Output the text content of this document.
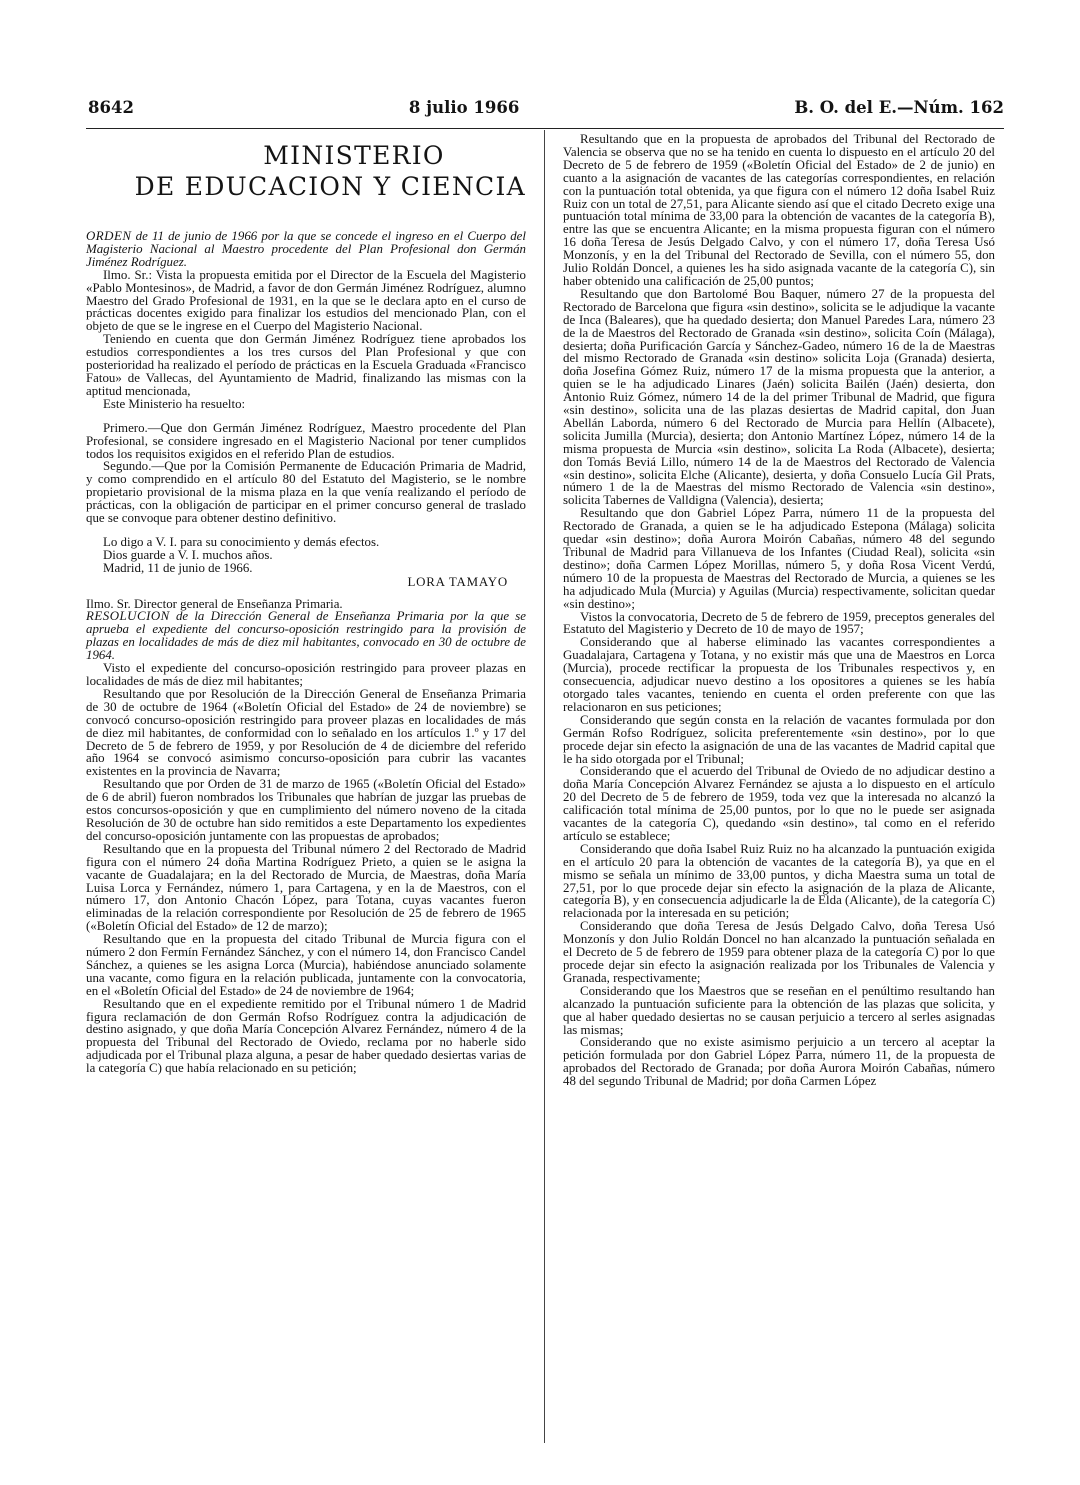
8642	8 julio 1966	B. O. del E.—Núm. 162
MINISTERIO
DE EDUCACION Y CIENCIA

ORDEN de 11 de junio de 1966 por la que se concede el ingreso en el Cuerpo del Magisterio Nacional al Maestro procedente del Plan Profesional don Germán Jiménez Rodríguez.

Ilmo. Sr.: Vista la propuesta emitida por el Director de la Escuela del Magisterio «Pablo Montesinos», de Madrid, a favor de don Germán Jiménez Rodríguez, alumno Maestro del Grado Profesional de 1931, en la que se le declara apto en el curso de prácticas docentes exigido para finalizar los estudios del mencionado Plan, con el objeto de que se le ingrese en el Cuerpo del Magisterio Nacional.

Teniendo en cuenta que don Germán Jiménez Rodríguez tiene aprobados los estudios correspondientes a los tres cursos del Plan Profesional y que con posterioridad ha realizado el período de prácticas en la Escuela Graduada «Francisco Fatou» de Vallecas, del Ayuntamiento de Madrid, finalizando las mismas con la aptitud mencionada,

Este Ministerio ha resuelto:

Primero.—Que don Germán Jiménez Rodríguez, Maestro procedente del Plan Profesional, se considere ingresado en el Magisterio Nacional por tener cumplidos todos los requisitos exigidos en el referido Plan de estudios.

Segundo.—Que por la Comisión Permanente de Educación Primaria de Madrid, y como comprendido en el artículo 80 del Estatuto del Magisterio, se le nombre propietario provisional de la misma plaza en la que venía realizando el período de prácticas, con la obligación de participar en el primer concurso general de traslado que se convoque para obtener destino definitivo.

Lo digo a V. I. para su conocimiento y demás efectos.

Dios guarde a V. I. muchos años.

Madrid, 11 de junio de 1966.

LORA TAMAYO

Ilmo. Sr. Director general de Enseñanza Primaria.

RESOLUCION de la Dirección General de Enseñanza Primaria por la que se aprueba el expediente del concurso-oposición restringido para la provisión de plazas en localidades de más de diez mil habitantes, convocado en 30 de octubre de 1964.

Visto el expediente del concurso-oposición restringido para proveer plazas en localidades de más de diez mil habitantes;

Resultando que por Resolución de la Dirección General de Enseñanza Primaria de 30 de octubre de 1964 («Boletín Oficial del Estado» de 24 de noviembre) se convocó concurso-oposición restringido para proveer plazas en localidades de más de diez mil habitantes, de conformidad con lo señalado en los artículos 1.º y 17 del Decreto de 5 de febrero de 1959, y por Resolución de 4 de diciembre del referido año 1964 se convocó asimismo concurso-oposición para cubrir las vacantes existentes en la provincia de Navarra;

Resultando que por Orden de 31 de marzo de 1965 («Boletín Oficial del Estado» de 6 de abril) fueron nombrados los Tribunales que habrían de juzgar las pruebas de estos concursos-oposición y que en cumplimiento del número noveno de la citada Resolución de 30 de octubre han sido remitidos a este Departamento los expedientes del concurso-oposición juntamente con las propuestas de aprobados;

Resultando que en la propuesta del Tribunal número 2 del Rectorado de Madrid figura con el número 24 doña Martina Rodríguez Prieto, a quien se le asigna la vacante de Guadalajara; en la del Rectorado de Murcia, de Maestras, doña María Luisa Lorca y Fernández, número 1, para Cartagena, y en la de Maestros, con el número 17, don Antonio Chacón López, para Totana, cuyas vacantes fueron eliminadas de la relación correspondiente por Resolución de 25 de febrero de 1965 («Boletín Oficial del Estado» de 12 de marzo);

Resultando que en la propuesta del citado Tribunal de Murcia figura con el número 2 don Fermín Fernández Sánchez, y con el número 14, don Francisco Candel Sánchez, a quienes se les asigna Lorca (Murcia), habiéndose anunciado solamente una vacante, como figura en la relación publicada, juntamente con la convocatoria, en el «Boletín Oficial del Estado» de 24 de noviembre de 1964;

Resultando que en el expediente remitido por el Tribunal número 1 de Madrid figura reclamación de don Germán Rofso Rodríguez contra la adjudicación de destino asignado, y que doña María Concepción Alvarez Fernández, número 4 de la propuesta del Tribunal del Rectorado de Oviedo, reclama por no haberle sido adjudicada por el Tribunal plaza alguna, a pesar de haber quedado desiertas varias de la categoría C) que había relacionado en su petición;

Resultando que en la propuesta de aprobados del Tribunal del Rectorado de Valencia se observa que no se ha tenido en cuenta lo dispuesto en el artículo 20 del Decreto de 5 de febrero de 1959 («Boletín Oficial del Estado» de 2 de junio) en cuanto a la asignación de vacantes de las categorías correspondientes, en relación con la puntuación total obtenida, ya que figura con el número 12 doña Isabel Ruiz Ruiz con un total de 27,51, para Alicante siendo así que el citado Decreto exige una puntuación total mínima de 33,00 para la obtención de vacantes de la categoría B), entre las que se encuentra Alicante; en la misma propuesta figuran con el número 16 doña Teresa de Jesús Delgado Calvo, y con el número 17, doña Teresa Usó Monzonís, y en la del Tribunal del Rectorado de Sevilla, con el número 55, don Julio Roldán Doncel, a quienes les ha sido asignada vacante de la categoría C), sin haber obtenido una calificación de 25,00 puntos;

Resultando que don Bartolomé Bou Baquer, número 27 de la propuesta del Rectorado de Barcelona que figura «sin destino», solicita se le adjudique la vacante de Inca (Baleares), que ha quedado desierta; don Manuel Paredes Lara, número 23 de la de Maestros del Rectorado de Granada «sin destino», solicita Coín (Málaga), desierta; doña Purificación García y Sánchez-Gadeo, número 16 de la de Maestras del mismo Rectorado de Granada «sin destino» solicita Loja (Granada) desierta, doña Josefina Gómez Ruiz, número 17 de la misma propuesta que la anterior, a quien se le ha adjudicado Linares (Jaén) solicita Bailén (Jaén) desierta, don Antonio Ruiz Gómez, número 14 de la del primer Tribunal de Madrid, que figura «sin destino», solicita una de las plazas desiertas de Madrid capital, don Juan Abellán Laborda, número 6 del Rectorado de Murcia para Hellín (Albacete), solicita Jumilla (Murcia), desierta; don Antonio Martínez López, número 14 de la misma propuesta de Murcia «sin destino», solicita La Roda (Albacete), desierta; don Tomás Beviá Lillo, número 14 de la de Maestros del Rectorado de Valencia «sin destino», solicita Elche (Alicante), desierta, y doña Consuelo Lucía Gil Prats, número 1 de la de Maestras del mismo Rectorado de Valencia «sin destino», solicita Tabernes de Valldigna (Valencia), desierta;

Resultando que don Gabriel López Parra, número 11 de la propuesta del Rectorado de Granada, a quien se le ha adjudicado Estepona (Málaga) solicita quedar «sin destino»; doña Aurora Moirón Cabañas, número 48 del segundo Tribunal de Madrid para Villanueva de los Infantes (Ciudad Real), solicita «sin destino»; doña Carmen López Morillas, número 5, y doña Rosa Vicent Verdú, número 10 de la propuesta de Maestras del Rectorado de Murcia, a quienes se les ha adjudicado Mula (Murcia) y Aguilas (Murcia) respectivamente, solicitan quedar «sin destino»;

Vistos la convocatoria, Decreto de 5 de febrero de 1959, preceptos generales del Estatuto del Magisterio y Decreto de 10 de mayo de 1957;

Considerando que al haberse eliminado las vacantes correspondientes a Guadalajara, Cartagena y Totana, y no existir más que una de Maestros en Lorca (Murcia), procede rectificar la propuesta de los Tribunales respectivos y, en consecuencia, adjudicar nuevo destino a los opositores a quienes se les había otorgado tales vacantes, teniendo en cuenta el orden preferente con que las relacionaron en sus peticiones;

Considerando que según consta en la relación de vacantes formulada por don Germán Rofso Rodríguez, solicita preferentemente «sin destino», por lo que procede dejar sin efecto la asignación de una de las vacantes de Madrid capital que le ha sido otorgada por el Tribunal;

Considerando que el acuerdo del Tribunal de Oviedo de no adjudicar destino a doña María Concepción Alvarez Fernández se ajusta a lo dispuesto en el artículo 20 del Decreto de 5 de febrero de 1959, toda vez que la interesada no alcanzó la calificación total mínima de 25,00 puntos, por lo que no le puede ser asignada vacantes de la categoría C), quedando «sin destino», tal como en el referido artículo se establece;

Considerando que doña Isabel Ruiz Ruiz no ha alcanzado la puntuación exigida en el artículo 20 para la obtención de vacantes de la categoría B), ya que en el mismo se señala un mínimo de 33,00 puntos, y dicha Maestra suma un total de 27,51, por lo que procede dejar sin efecto la asignación de la plaza de Alicante, categoría B), y en consecuencia adjudicarle la de Elda (Alicante), de la categoría C) relacionada por la interesada en su petición;

Considerando que doña Teresa de Jesús Delgado Calvo, doña Teresa Usó Monzonís y don Julio Roldán Doncel no han alcanzado la puntuación señalada en el Decreto de 5 de febrero de 1959 para obtener plaza de la categoría C) por lo que procede dejar sin efecto la asignación realizada por los Tribunales de Valencia y Granada, respectivamente;

Considerando que los Maestros que se reseñan en el penúltimo resultando han alcanzado la puntuación suficiente para la obtención de las plazas que solicita, y que al haber quedado desiertas no se causan perjuicio a tercero al serles asignadas las mismas;

Considerando que no existe asimismo perjuicio a un tercero al aceptar la petición formulada por don Gabriel López Parra, número 11, de la propuesta de aprobados del Rectorado de Granada; por doña Aurora Moirón Cabañas, número 48 del segundo Tribunal de Madrid; por doña Carmen López
